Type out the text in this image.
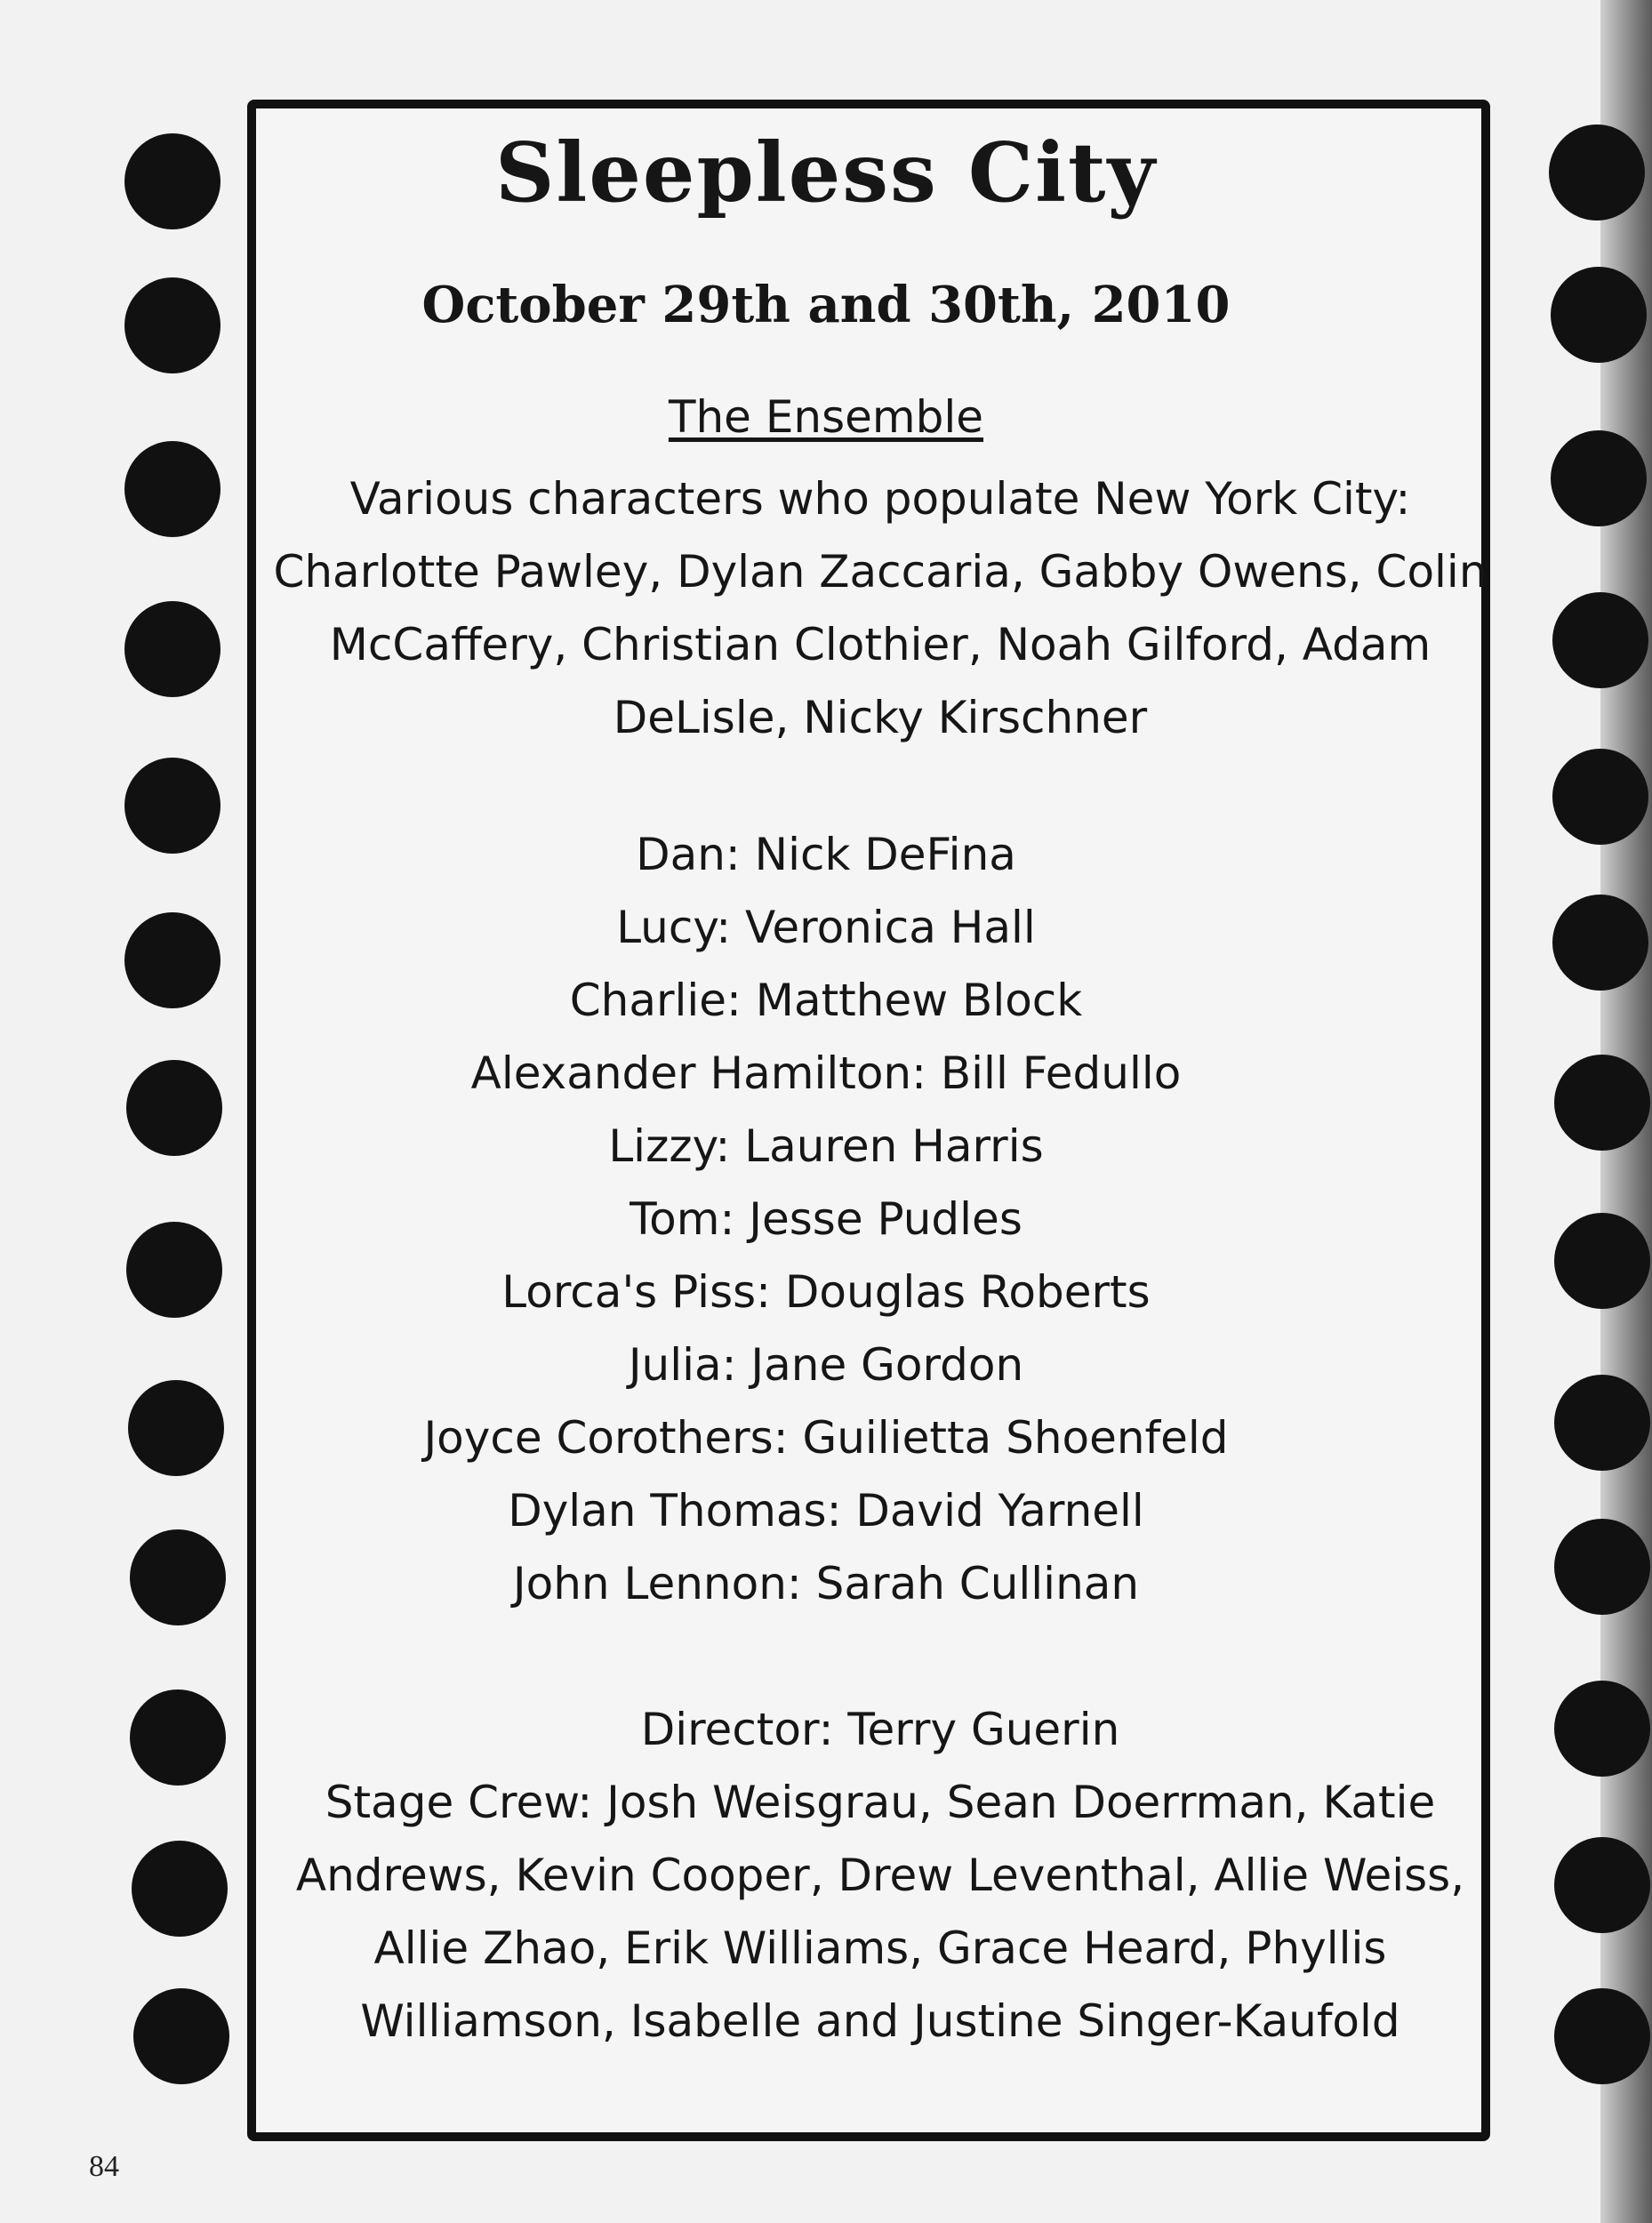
Sleepless City
October 29th and 30th, 2010
The Ensemble
Various characters who populate New York City:
Charlotte Pawley, Dylan Zaccaria, Gabby Owens, Colin McCaffery, Christian Clothier, Noah Gilford, Adam DeLisle, Nicky Kirschner
Dan: Nick DeFina
Lucy: Veronica Hall
Charlie: Matthew Block
Alexander Hamilton: Bill Fedullo
Lizzy: Lauren Harris
Tom: Jesse Pudles
Lorca's Piss: Douglas Roberts
Julia: Jane Gordon
Joyce Corothers: Guilietta Shoenfeld
Dylan Thomas: David Yarnell
John Lennon: Sarah Cullinan
Director: Terry Guerin
Stage Crew: Josh Weisgrau, Sean Doerrman, Katie Andrews, Kevin Cooper, Drew Leventhal, Allie Weiss, Allie Zhao, Erik Williams, Grace Heard, Phyllis Williamson, Isabelle and Justine Singer-Kaufold
84
